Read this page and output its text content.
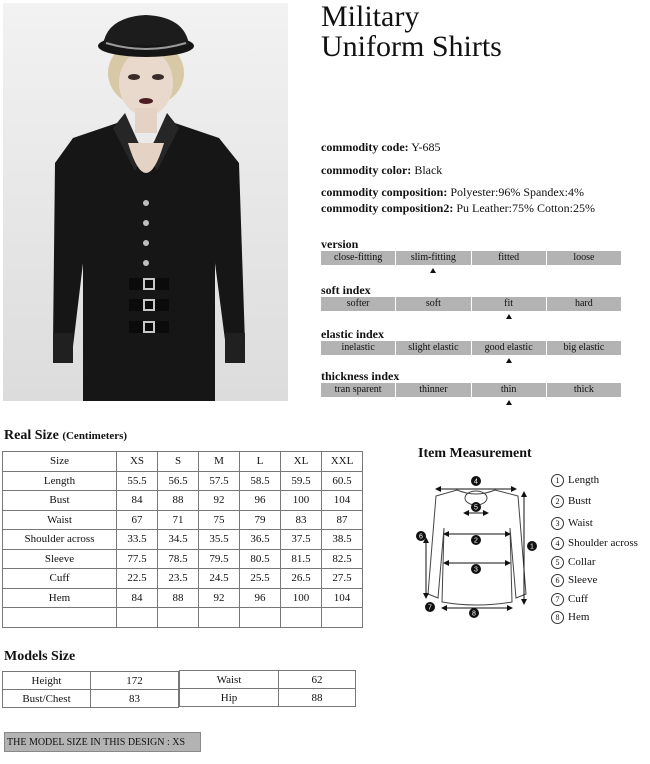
Military
Uniform Shirts
commodity code: Y-685
commodity color: Black
commodity composition: Polyester:96% Spandex:4%
commodity composition2: Pu Leather:75% Cotton:25%
version
close-fitting	slim-fitting	fitted	loose
soft index
softer	soft	fit	hard
elastic index
inelastic	slight elastic	good elastic	big elastic
thickness index
tran sparent	thinner	thin	thick
Real Size (Centimeters)
Size	XS	S	M	L	XL	XXL
Length	55.5	56.5	57.5	58.5	59.5	60.5
Bust	84	88	92	96	100	104
Waist	67	71	75	79	83	87
Shoulder across	33.5	34.5	35.5	36.5	37.5	38.5
Sleeve	77.5	78.5	79.5	80.5	81.5	82.5
Cuff	22.5	23.5	24.5	25.5	26.5	27.5
Hem	84	88	92	96	100	104

Item Measurement
4
5
2
3
1
6
7
8
1 Length
2 Bustt
3 Waist
4 Shoulder across
5 Collar
6 Sleeve
7 Cuff
8 Hem
Models Size
Height	172
Bust/Chest	83
Waist	62
Hip	88
THE MODEL SIZE IN THIS DESIGN : XS
